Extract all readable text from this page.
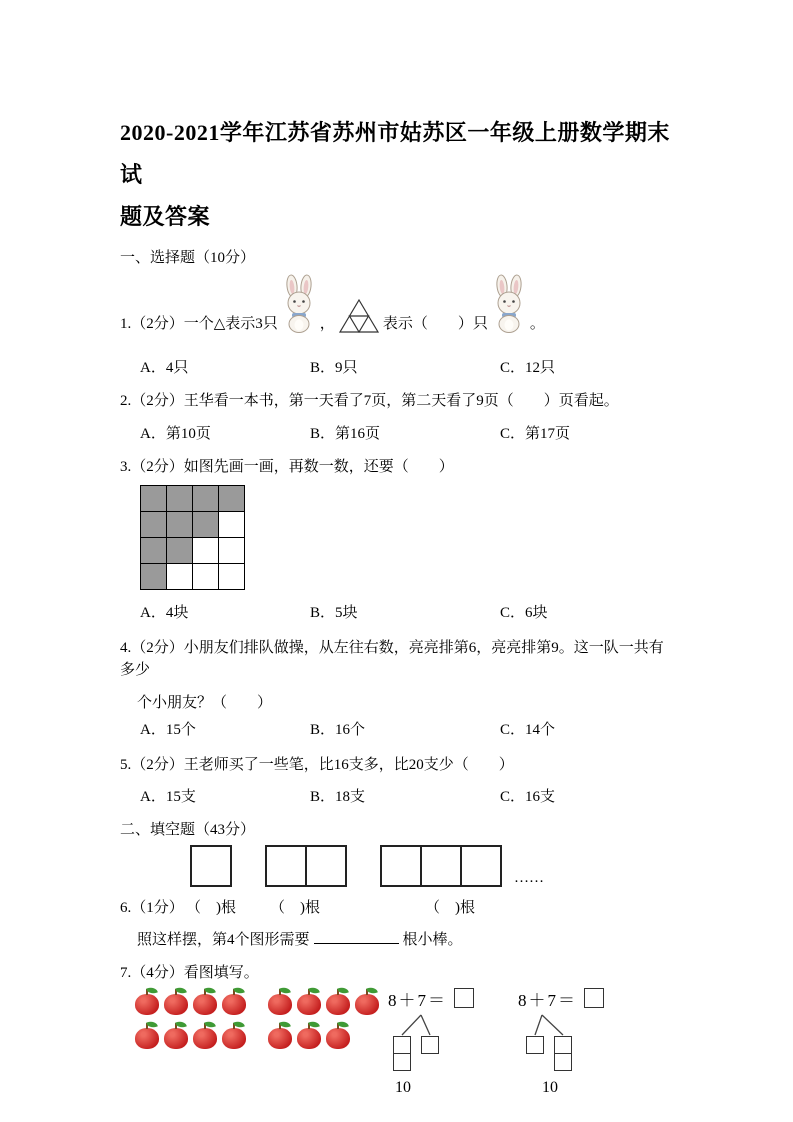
2020-2021学年江苏省苏州市姑苏区一年级上册数学期末试
题及答案
一、选择题（10分）
1.（2分）一个△表示3只	，	表示（　　）只	。
A．4只	B．9只	C．12只
2.（2分）王华看一本书，第一天看了7页，第二天看了9页（　　）页看起。
A．第10页	B．第16页	C．第17页
3.（2分）如图先画一画，再数一数，还要（　　）
A．4块	B．5块	C．6块
4.（2分）小朋友们排队做操，从左往右数，亮亮排第6，亮亮排第9。这一队一共有多少
个小朋友？（　　）
A．15个	B．16个	C．14个
5.（2分）王老师买了一些笔，比16支多，比20支少（　　）
A．15支	B．18支	C．16支
二、填空题（43分）
……
6.（1分） （　)根 （　)根	（　)根
照这样摆，第4个图形需要	根小棒。
7.（4分）看图填写。
8＋7＝
10
8＋7＝
10
